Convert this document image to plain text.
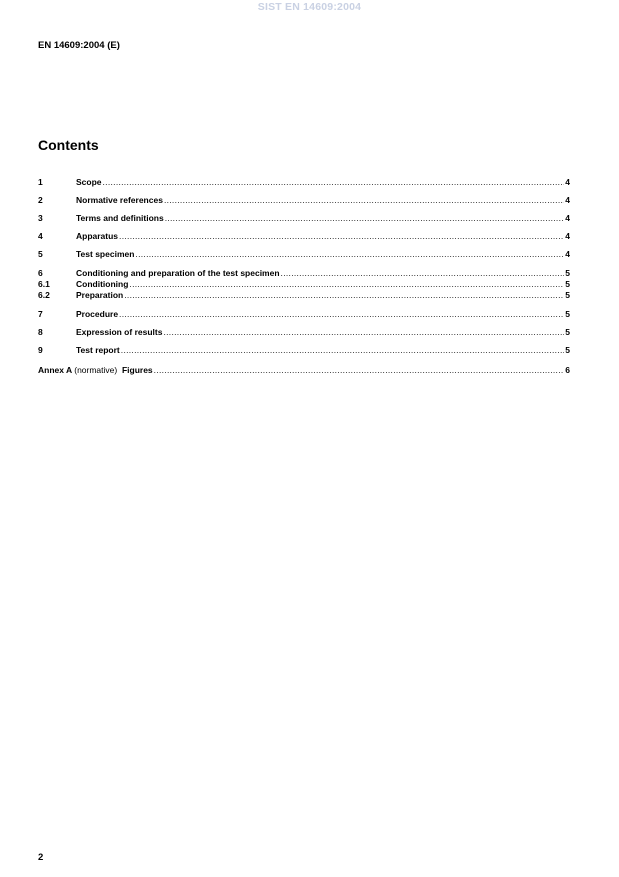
SIST EN 14609:2004
EN 14609:2004 (E)
Contents
1	Scope .....	4
2	Normative references .....	4
3	Terms and definitions .....	4
4	Apparatus .....	4
5	Test specimen .....	4
6	Conditioning and preparation of the test specimen .....	5
6.1	Conditioning .....	5
6.2	Preparation .....	5
7	Procedure .....	5
8	Expression of results .....	5
9	Test report .....	5
Annex A (normative) Figures .....	6
2
